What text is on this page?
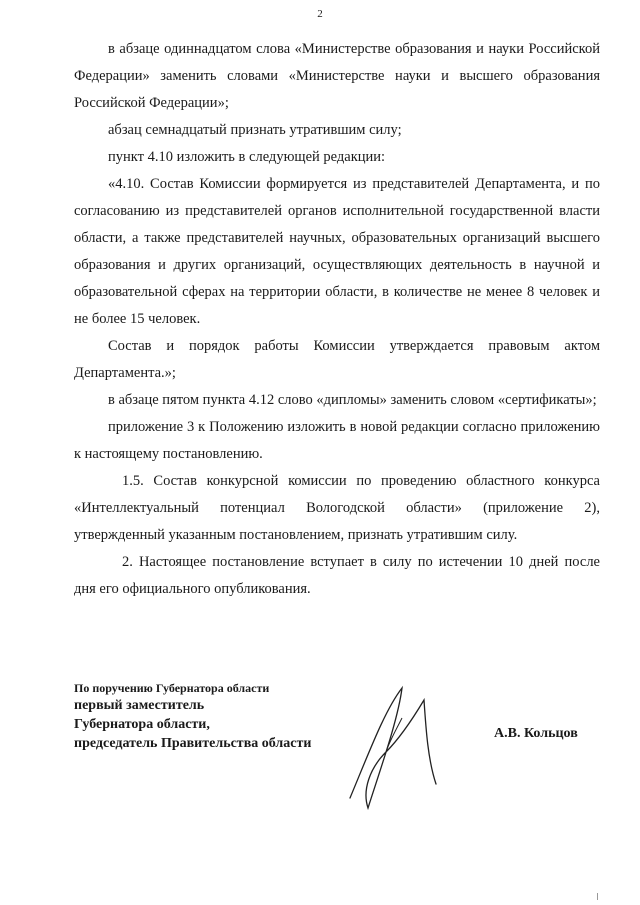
2

в абзаце одиннадцатом слова «Министерстве образования и науки Российской Федерации» заменить словами «Министерстве науки и высшего образования Российской Федерации»;

абзац семнадцатый признать утратившим силу;

пункт 4.10 изложить в следующей редакции:

«4.10. Состав Комиссии формируется из представителей Департамента, и по согласованию из представителей органов исполнительной государственной власти области, а также представителей научных, образовательных организаций высшего образования и других организаций, осуществляющих деятельность в научной и образовательной сферах на территории области, в количестве не менее 8 человек и не более 15 человек.

Состав и порядок работы Комиссии утверждается правовым актом Департамента.»;

в абзаце пятом пункта 4.12 слово «дипломы» заменить словом «сертификаты»;

приложение 3 к Положению изложить в новой редакции согласно приложению к настоящему постановлению.

1.5. Состав конкурсной комиссии по проведению областного конкурса «Интеллектуальный потенциал Вологодской области» (приложение 2), утвержденный указанным постановлением, признать утратившим силу.

2. Настоящее постановление вступает в силу по истечении 10 дней после дня его официального опубликования.

По поручению Губернатора области
первый заместитель
Губернатора области,
председатель Правительства области
А.В. Кольцов
